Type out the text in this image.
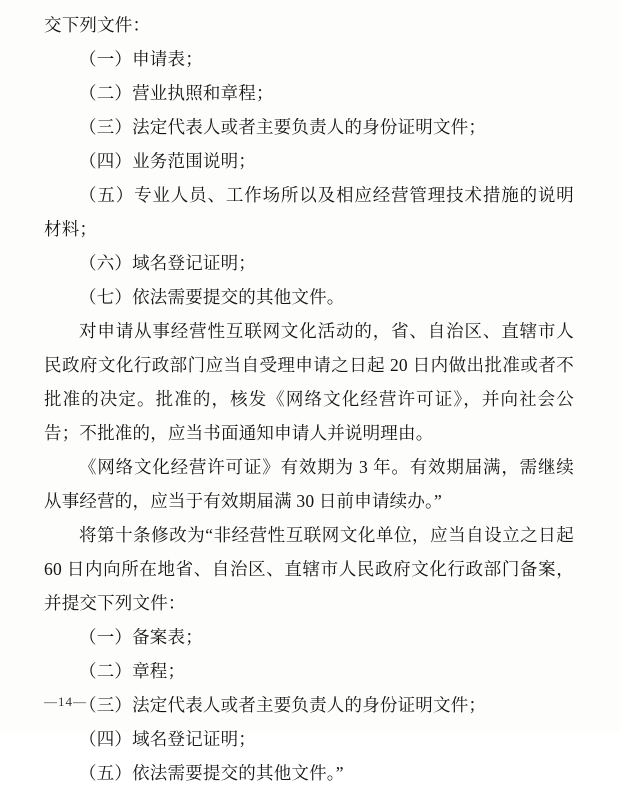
交下列文件：

（一）申请表；

（二）营业执照和章程；

（三）法定代表人或者主要负责人的身份证明文件；

（四）业务范围说明；

（五）专业人员、工作场所以及相应经营管理技术措施的说明材料；

（六）域名登记证明；

（七）依法需要提交的其他文件。

对申请从事经营性互联网文化活动的，省、自治区、直辖市人民政府文化行政部门应当自受理申请之日起 20 日内做出批准或者不批准的决定。批准的，核发《网络文化经营许可证》，并向社会公告；不批准的，应当书面通知申请人并说明理由。

《网络文化经营许可证》有效期为 3 年。有效期届满，需继续从事经营的，应当于有效期届满 30 日前申请续办。”

将第十条修改为“非经营性互联网文化单位，应当自设立之日起 60 日内向所在地省、自治区、直辖市人民政府文化行政部门备案，并提交下列文件：

（一）备案表；

（二）章程；

（三）法定代表人或者主要负责人的身份证明文件；

（四）域名登记证明；

（五）依法需要提交的其他文件。”

—14—
